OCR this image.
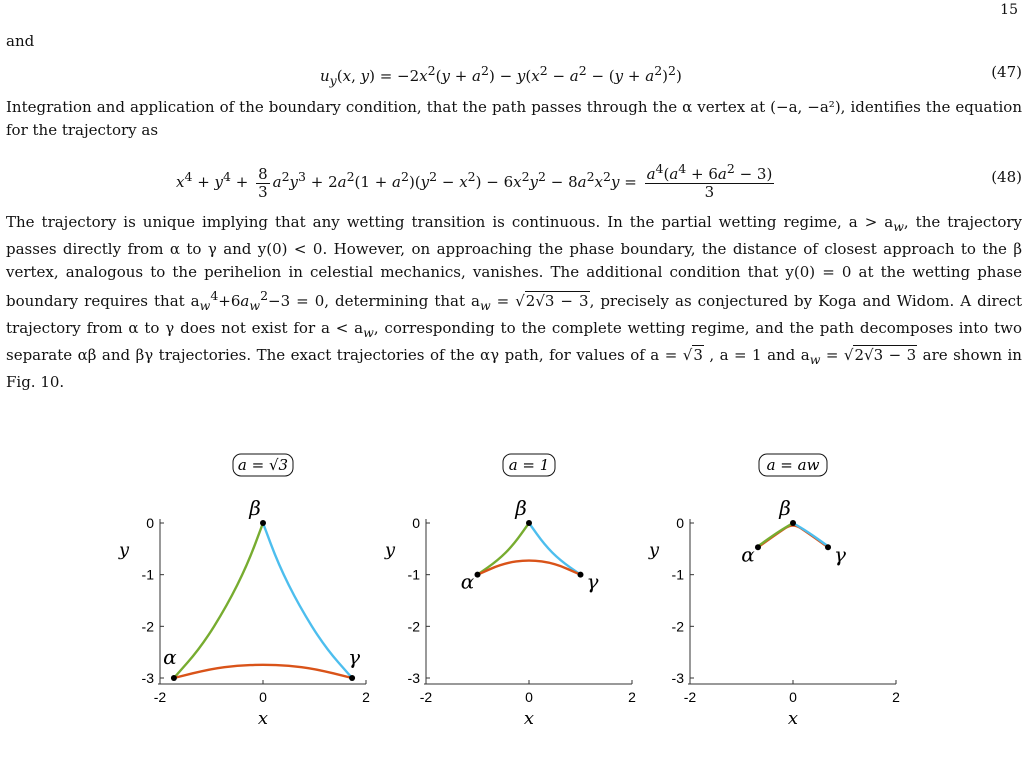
15
and
$u_y(x$, $y) = -2x^2(y + a^2) - y(x^2 - a^2 - (y + a^2)^2)$	(47)
Integration and application of the boundary condition, that the path passes through the α vertex at (−a, −a²), identifies the equation for the trajectory as
$x^4 + y^4 + \frac{8}{3} a^2y^3 + 2a^2(1 + a^2)(y^2 - x^2) - 6x^2y^2 - 8a^2x^2y = \frac{a^4(a^4 + 6a^2 - 3)}{3}$	(48)
The trajectory is unique implying that any wetting transition is continuous. In the partial wetting regime, $a > a_w$, the trajectory passes directly from α to γ and y(0) < 0. However, on approaching the phase boundary, the distance of closest approach to the β vertex, analogous to the perihelion in celestial mechanics, vanishes. The additional condition that y(0) = 0 at the wetting phase boundary requires that $a_w^4+6a_w^2-3 = 0$, determining that $a_w = √2√3 - 3$, precisely as conjectured by Koga and Widom. A direct trajectory from α to γ does not exist for $a < a_w$, corresponding to the complete wetting regime, and the path decomposes into two separate αβ and βγ trajectories. The exact trajectories of the αγ path, for values of a = √3 , a = 1 and $a_w = √2√3 - 3$ are shown in Fig. 10.
a = √3
0
-1
-2
-3
-2	0	2
x
y
α
β
γ
a = 1
0
-1
-2
-3
-2	0	2
x
y
α
β
γ
a = aw
0
-1
-2
-3
-2	0	2
x
y	α
β
γ
